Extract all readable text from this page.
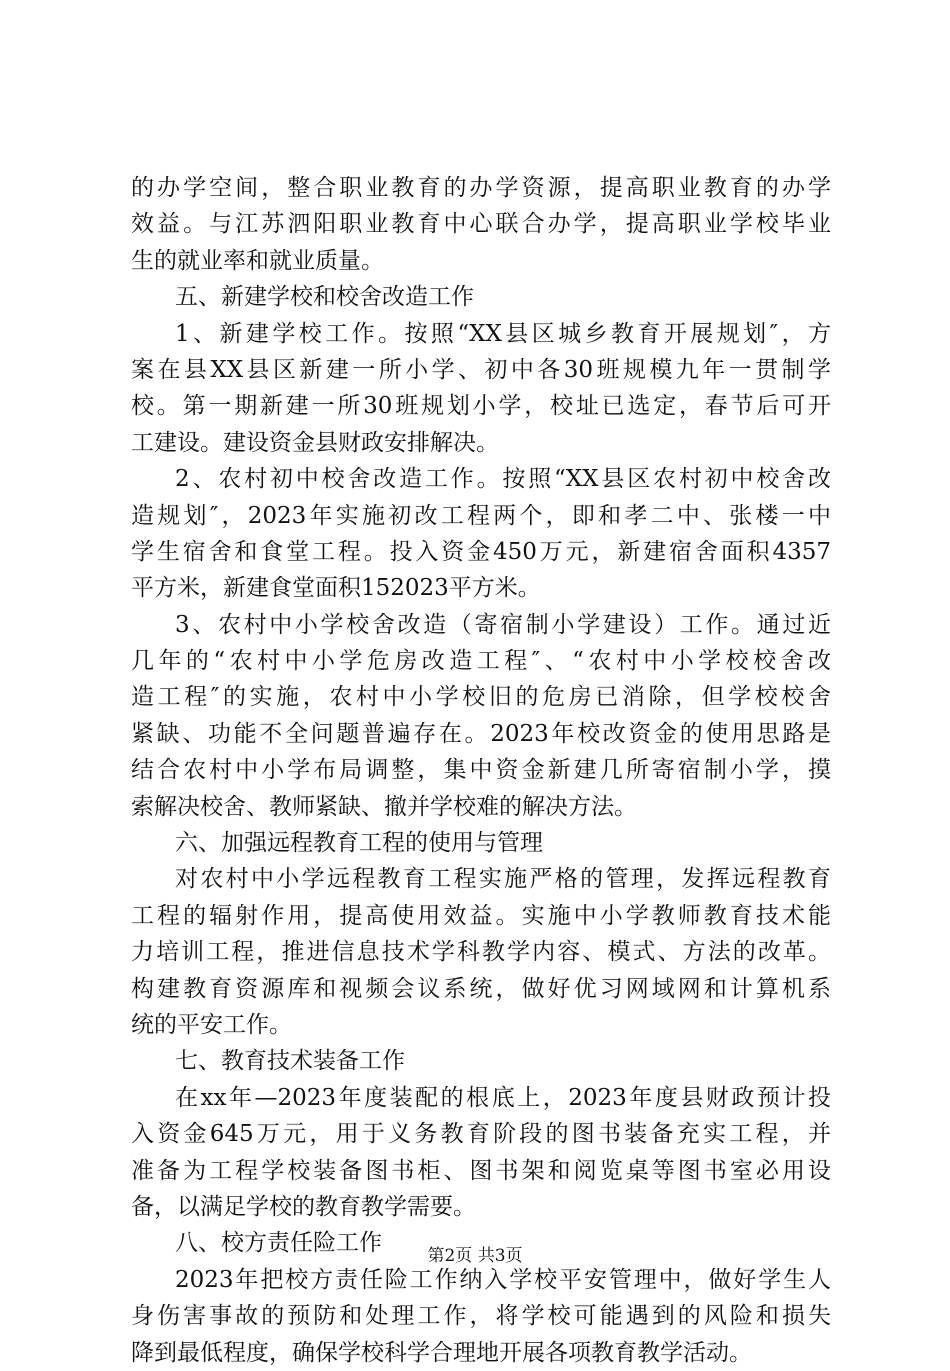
的办学空间，整合职业教育的办学资源，提高职业教育的办学
效益。与江苏泗阳职业教育中心联合办学，提高职业学校毕业
生的就业率和就业质量。
五、新建学校和校舍改造工作
1、新建学校工作。按照“XX县区城乡教育开展规划″，方
案在县XX县区新建一所小学、初中各30班规模九年一贯制学
校。第一期新建一所30班规划小学，校址已选定，春节后可开
工建设。建设资金县财政安排解决。
2、农村初中校舍改造工作。按照“XX县区农村初中校舍改
造规划″，2023年实施初改工程两个，即和孝二中、张楼一中
学生宿舍和食堂工程。投入资金450万元，新建宿舍面积4357
平方米，新建食堂面积152023平方米。
3、农村中小学校舍改造（寄宿制小学建设）工作。通过近
几年的“农村中小学危房改造工程″、“农村中小学校校舍改
造工程″的实施，农村中小学校旧的危房已消除，但学校校舍
紧缺、功能不全问题普遍存在。2023年校改资金的使用思路是
结合农村中小学布局调整，集中资金新建几所寄宿制小学，摸
索解决校舍、教师紧缺、撤并学校难的解决方法。
六、加强远程教育工程的使用与管理
对农村中小学远程教育工程实施严格的管理，发挥远程教育
工程的辐射作用，提高使用效益。实施中小学教师教育技术能
力培训工程，推进信息技术学科教学内容、模式、方法的改革。
构建教育资源库和视频会议系统，做好优习网域网和计算机系
统的平安工作。
七、教育技术装备工作
在xx年—2023年度装配的根底上，2023年度县财政预计投
入资金645万元，用于义务教育阶段的图书装备充实工程，并
准备为工程学校装备图书柜、图书架和阅览桌等图书室必用设
备，以满足学校的教育教学需要。
八、校方责任险工作
2023年把校方责任险工作纳入学校平安管理中，做好学生人
身伤害事故的预防和处理工作，将学校可能遇到的风险和损失
降到最低程度，确保学校科学合理地开展各项教育教学活动。
第2页 共3页
